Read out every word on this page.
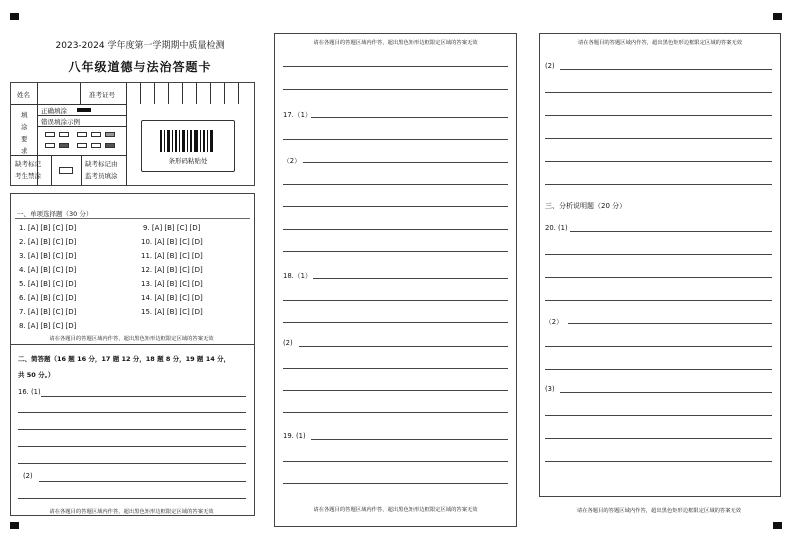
2023-2024 学年度第一学期期中质量检测
八年级道德与法治答题卡
姓名	准考证号
填
涂
要
求
正确填涂
错误填涂示例
缺考标记
考生禁涂
缺考标记由
监考员填涂
条形码粘贴处
一、单项选择题（30 分）
1. [A] [B] [C] [D]
2. [A] [B] [C] [D]
3. [A] [B] [C] [D]
4. [A] [B] [C] [D]
5. [A] [B] [C] [D]
6. [A] [B] [C] [D]
7. [A] [B] [C] [D]
8. [A] [B] [C] [D]
9. [A] [B] [C] [D]
10. [A] [B] [C] [D]
11. [A] [B] [C] [D]
12. [A] [B] [C] [D]
13. [A] [B] [C] [D]
14. [A] [B] [C] [D]
15. [A] [B] [C] [D]
请在各题目的答题区域内作答，超出黑色矩形边框限定区域的答案无效
二、简答题（16 题 16 分，17 题 12 分，18 题 8 分，19 题 14 分，
共 50 分。）
16. (1)
(2)
请在各题目的答题区域内作答，超出黑色矩形边框限定区域的答案无效
请在各题目的答题区域内作答，超出黑色矩形边框限定区域的答案无效
17.（1）
（2）
18.（1）
(2)
19. (1)
请在各题目的答题区域内作答，超出黑色矩形边框限定区域的答案无效
请在各题目的答题区域内作答，超出黑色矩形边框限定区域的答案无效
(2)
三、分析说明题（20 分）
20. (1)
（2）
(3)
请在各题目的答题区域内作答，超出黑色矩形边框限定区域的答案无效
